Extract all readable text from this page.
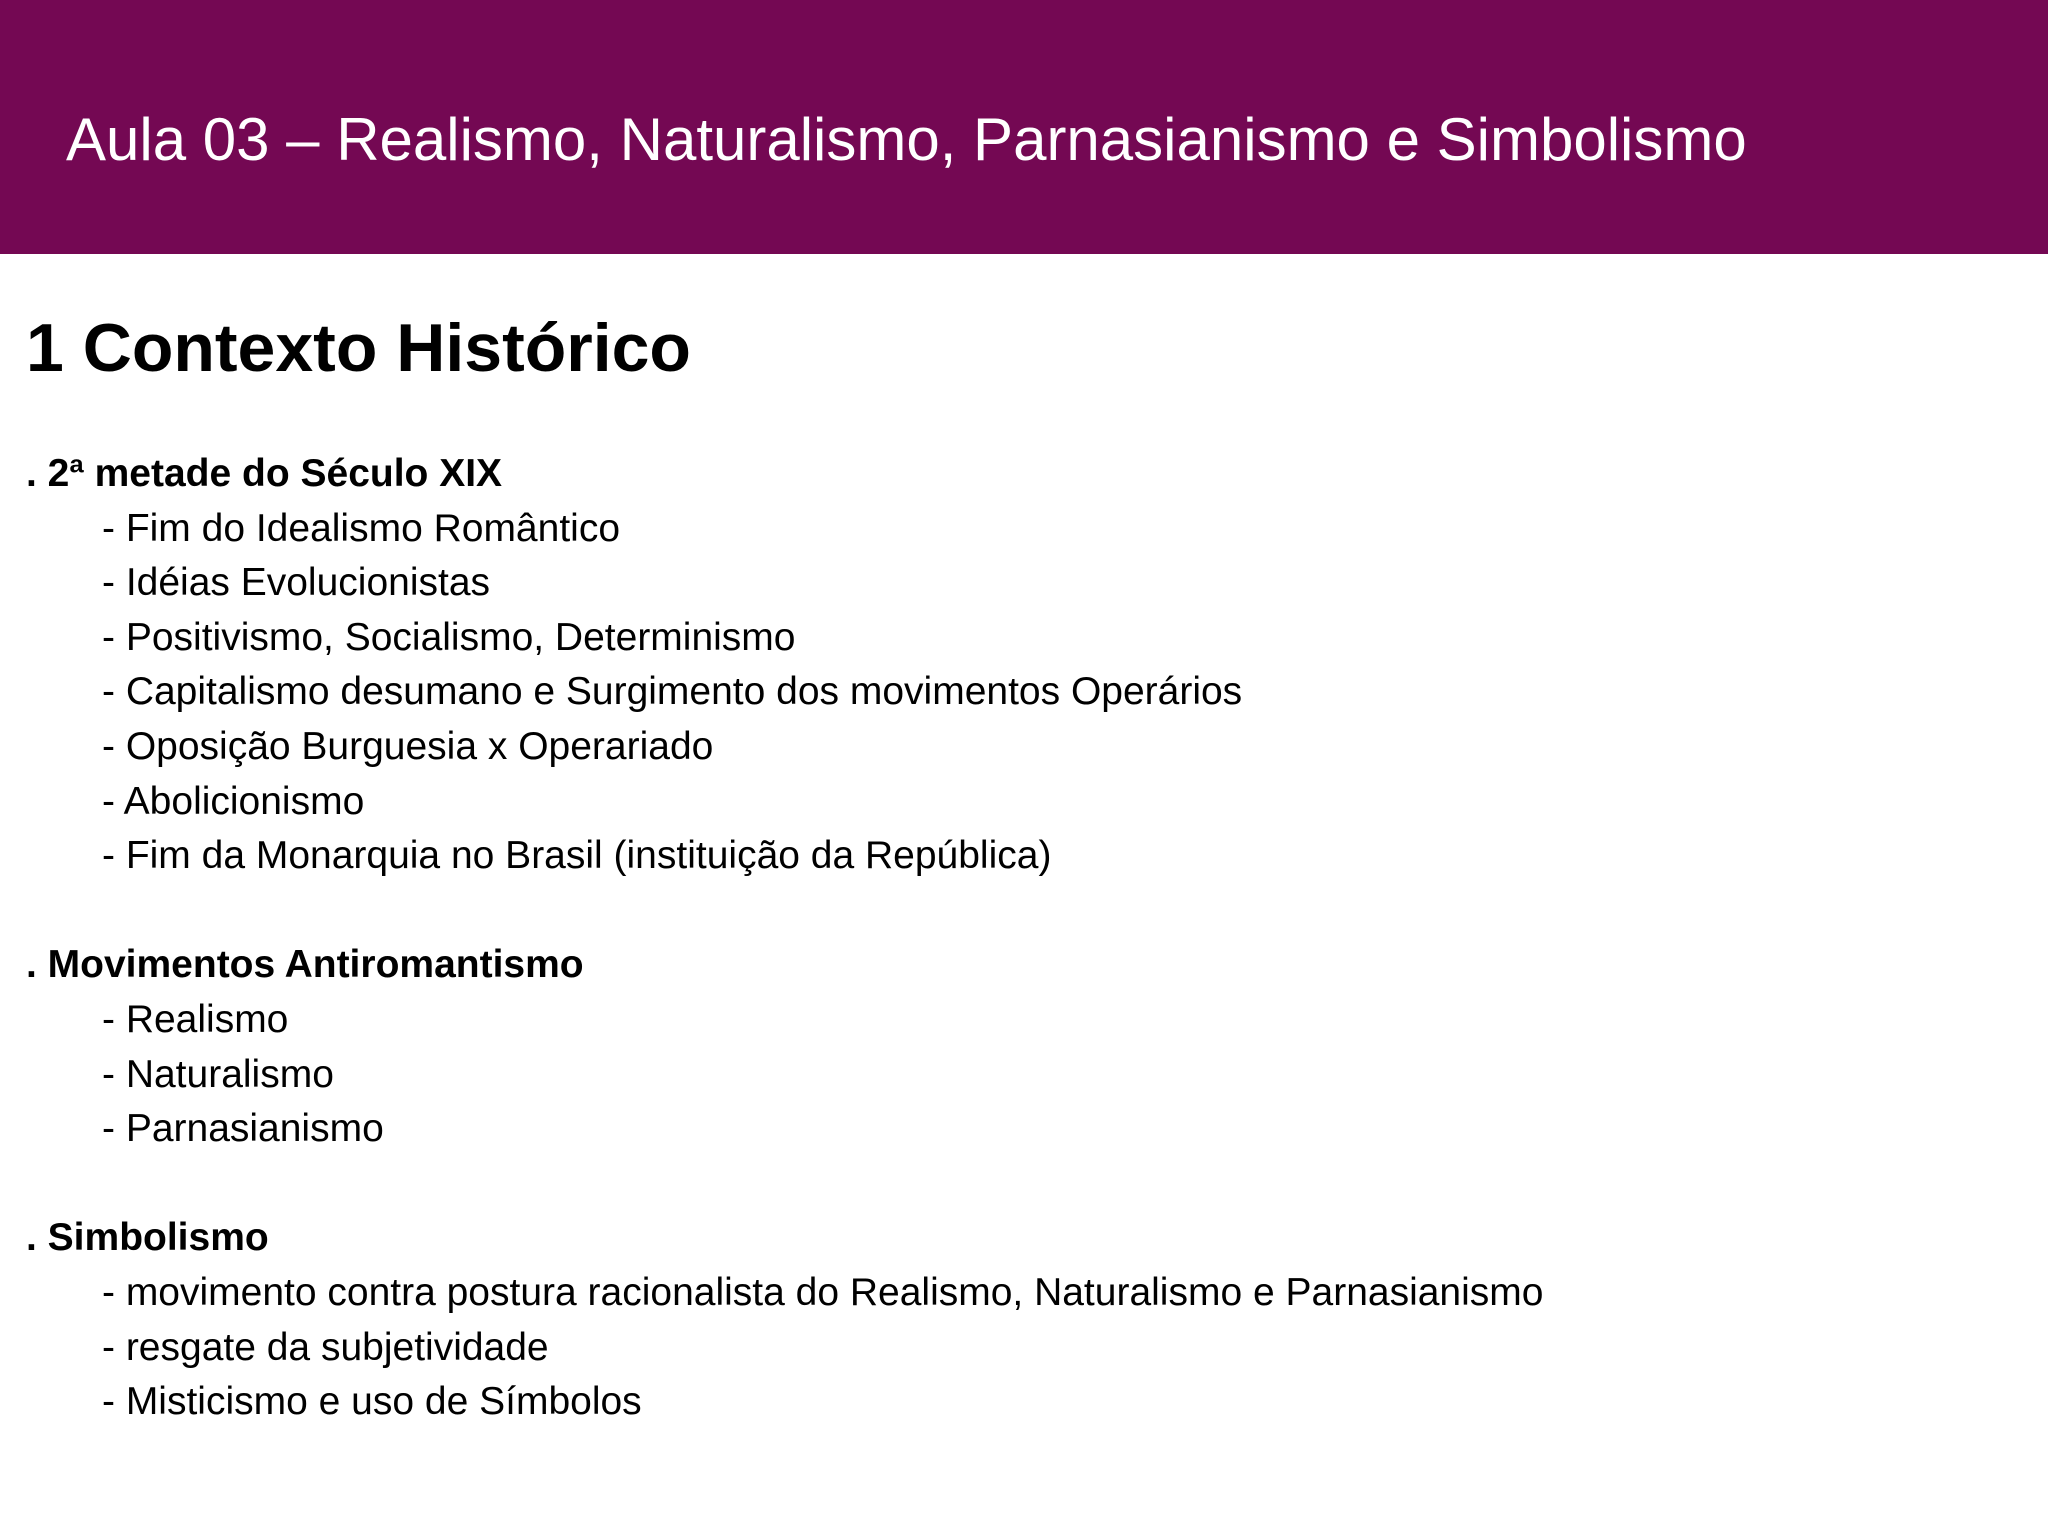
Aula 03 – Realismo, Naturalismo, Parnasianismo e Simbolismo
1 Contexto Histórico
. 2ª metade do Século XIX
- Fim do Idealismo Romântico
- Idéias Evolucionistas
- Positivismo, Socialismo, Determinismo
- Capitalismo desumano e Surgimento dos movimentos Operários
- Oposição Burguesia x Operariado
- Abolicionismo
- Fim da Monarquia no Brasil (instituição da República)
. Movimentos Antiromantismo
- Realismo
- Naturalismo
- Parnasianismo
. Simbolismo
- movimento contra postura racionalista do Realismo, Naturalismo e Parnasianismo
- resgate da subjetividade
- Misticismo e uso de Símbolos
